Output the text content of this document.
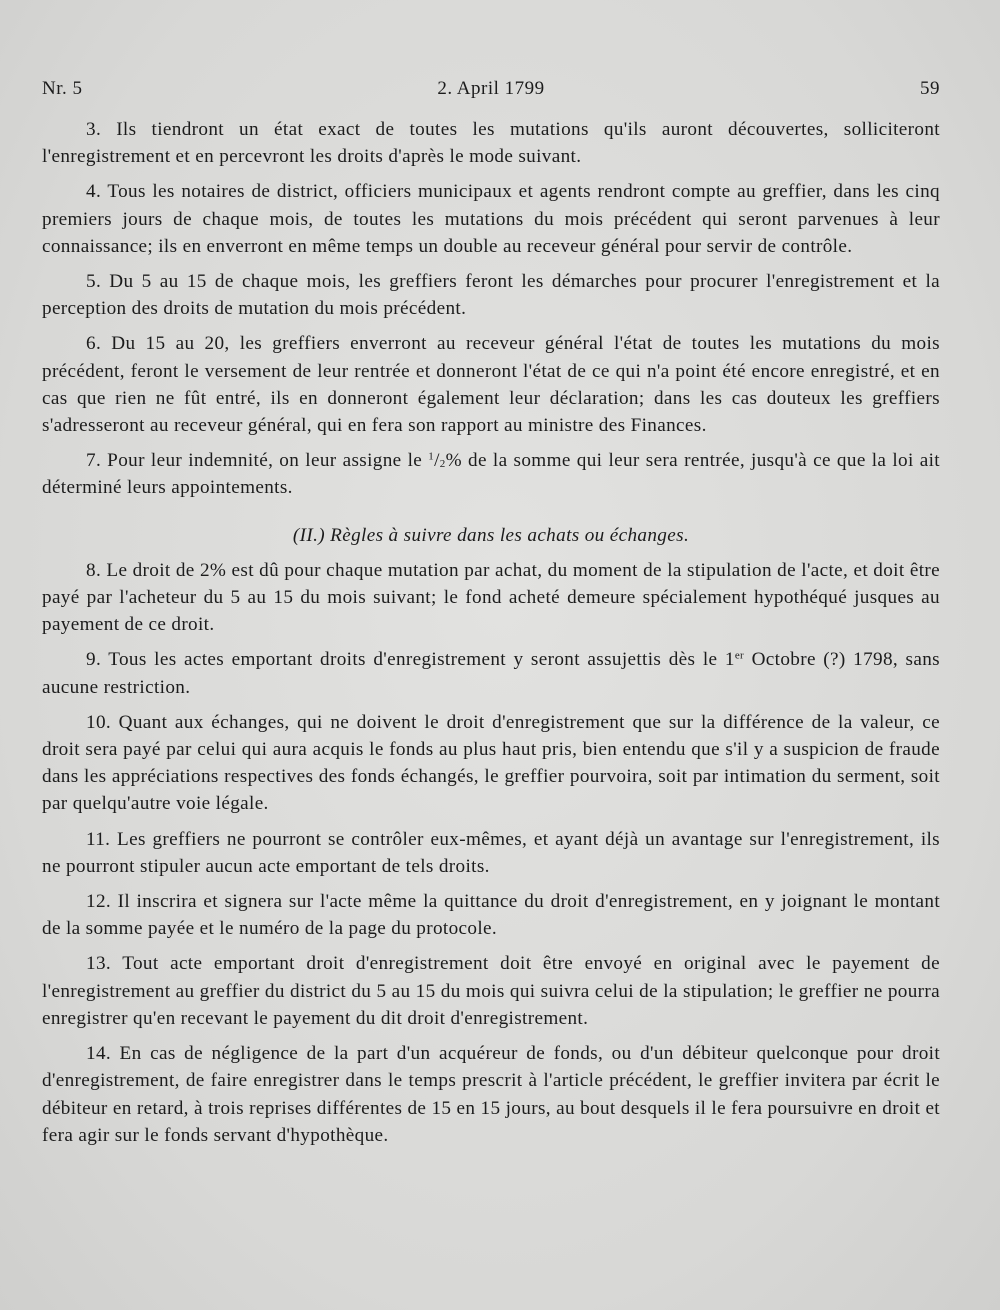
Nr. 5	2. April 1799	59

3. Ils tiendront un état exact de toutes les mutations qu'ils auront découvertes, solliciteront l'enregistrement et en percevront les droits d'après le mode suivant.

4. Tous les notaires de district, officiers municipaux et agents rendront compte au greffier, dans les cinq premiers jours de chaque mois, de toutes les mutations du mois précédent qui seront parvenues à leur connaissance; ils en enverront en même temps un double au receveur général pour servir de contrôle.

5. Du 5 au 15 de chaque mois, les greffiers feront les démarches pour procurer l'enregistrement et la perception des droits de mutation du mois précédent.

6. Du 15 au 20, les greffiers enverront au receveur général l'état de toutes les mutations du mois précédent, feront le versement de leur rentrée et donneront l'état de ce qui n'a point été encore enregistré, et en cas que rien ne fût entré, ils en donneront également leur déclaration; dans les cas douteux les greffiers s'adresseront au receveur général, qui en fera son rapport au ministre des Finances.

7. Pour leur indemnité, on leur assigne le $^1/_2\%$ de la somme qui leur sera rentrée, jusqu'à ce que la loi ait déterminé leurs appointements.

(II.) Règles à suivre dans les achats ou échanges.

8. Le droit de 2% est dû pour chaque mutation par achat, du moment de la stipulation de l'acte, et doit être payé par l'acheteur du 5 au 15 du mois suivant; le fond acheté demeure spécialement hypothéqué jusques au payement de ce droit.

9. Tous les actes emportant droits d'enregistrement y seront assujettis dès le 1er Octobre (?) 1798, sans aucune restriction.

10. Quant aux échanges, qui ne doivent le droit d'enregistrement que sur la différence de la valeur, ce droit sera payé par celui qui aura acquis le fonds au plus haut pris, bien entendu que s'il y a suspicion de fraude dans les appréciations respectives des fonds échangés, le greffier pourvoira, soit par intimation du serment, soit par quelqu'autre voie légale.

11. Les greffiers ne pourront se contrôler eux-mêmes, et ayant déjà un avantage sur l'enregistrement, ils ne pourront stipuler aucun acte emportant de tels droits.

12. Il inscrira et signera sur l'acte même la quittance du droit d'enregistrement, en y joignant le montant de la somme payée et le numéro de la page du protocole.

13. Tout acte emportant droit d'enregistrement doit être envoyé en original avec le payement de l'enregistrement au greffier du district du 5 au 15 du mois qui suivra celui de la stipulation; le greffier ne pourra enregistrer qu'en recevant le payement du dit droit d'enregistrement.

14. En cas de négligence de la part d'un acquéreur de fonds, ou d'un débiteur quelconque pour droit d'enregistrement, de faire enregistrer dans le temps prescrit à l'article précédent, le greffier invitera par écrit le débiteur en retard, à trois reprises différentes de 15 en 15 jours, au bout desquels il le fera poursuivre en droit et fera agir sur le fonds servant d'hypothèque.
